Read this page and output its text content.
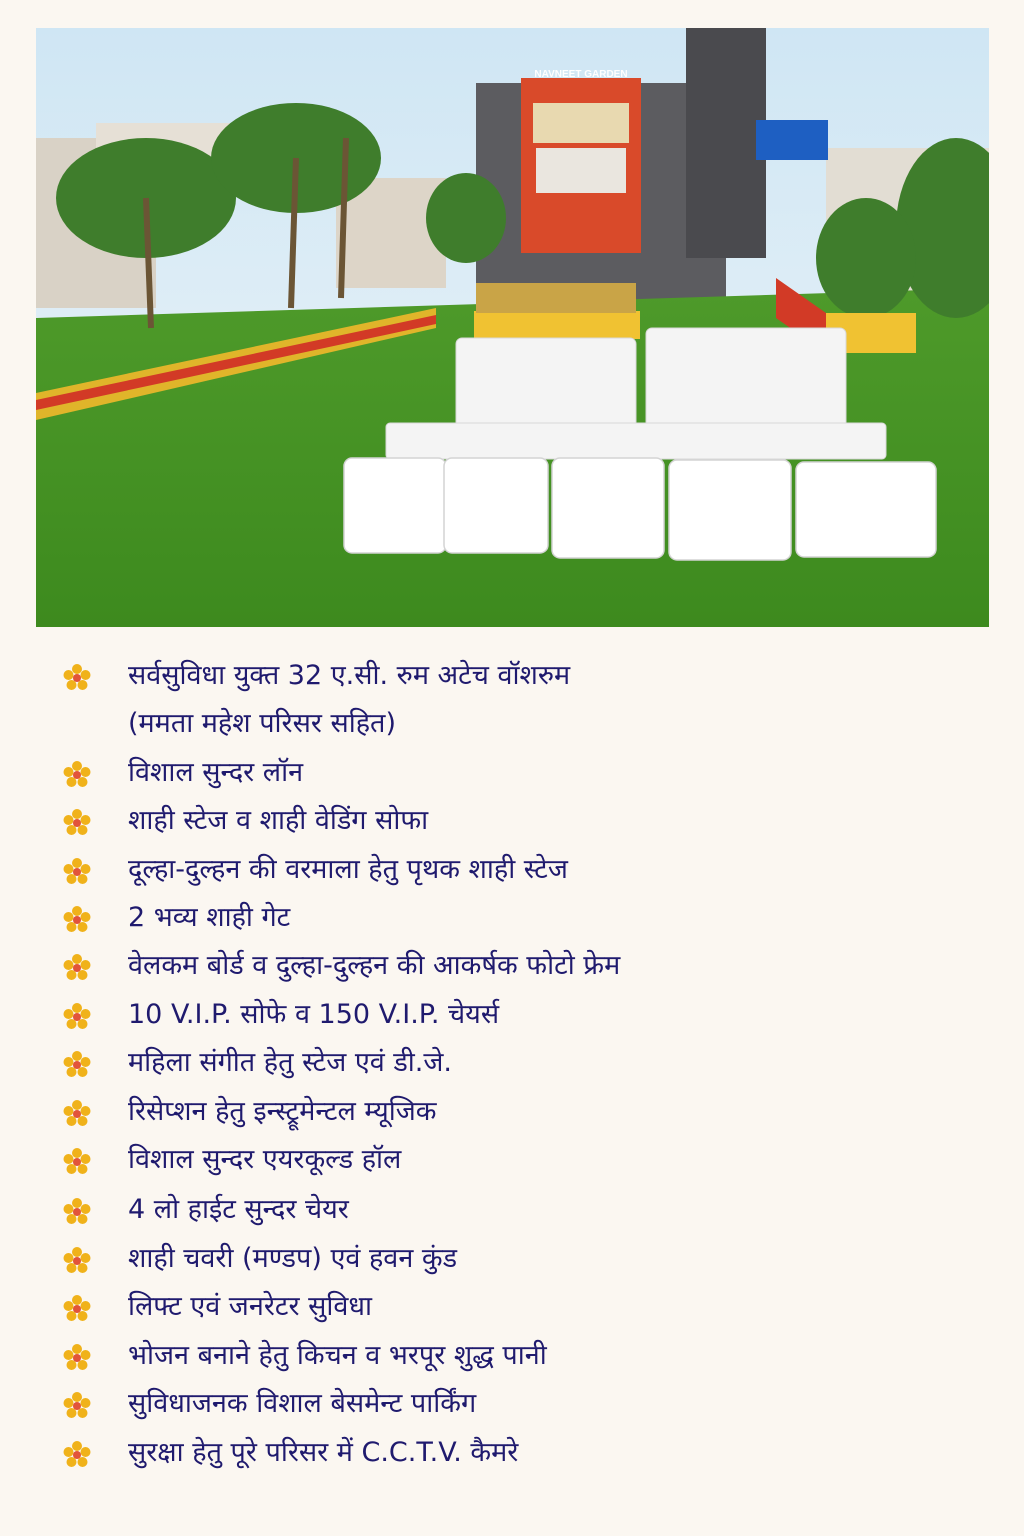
NAVNEET GARDEN
सर्वसुविधा युक्त 32 ए.सी. रुम अटेच वॉशरुम
(ममता महेश परिसर सहित)
विशाल सुन्दर लॉन
शाही स्टेज व शाही वेडिंग सोफा
दूल्हा-दुल्हन की वरमाला हेतु पृथक शाही स्टेज
2 भव्य शाही गेट
वेलकम बोर्ड व दुल्हा-दुल्हन की आकर्षक फोटो फ्रेम
10 V.I.P. सोफे व 150 V.I.P. चेयर्स
महिला संगीत हेतु स्टेज एवं डी.जे.
रिसेप्शन हेतु इन्स्ट्रूमेन्टल म्यूजिक
विशाल सुन्दर एयरकूल्ड हॉल
4 लो हाईट सुन्दर चेयर
शाही चवरी (मण्डप) एवं हवन कुंड
लिफ्ट एवं जनरेटर सुविधा
भोजन बनाने हेतु किचन व भरपूर शुद्ध पानी
सुविधाजनक विशाल बेसमेन्ट पार्किंग
सुरक्षा हेतु पूरे परिसर में C.C.T.V. कैमरे
